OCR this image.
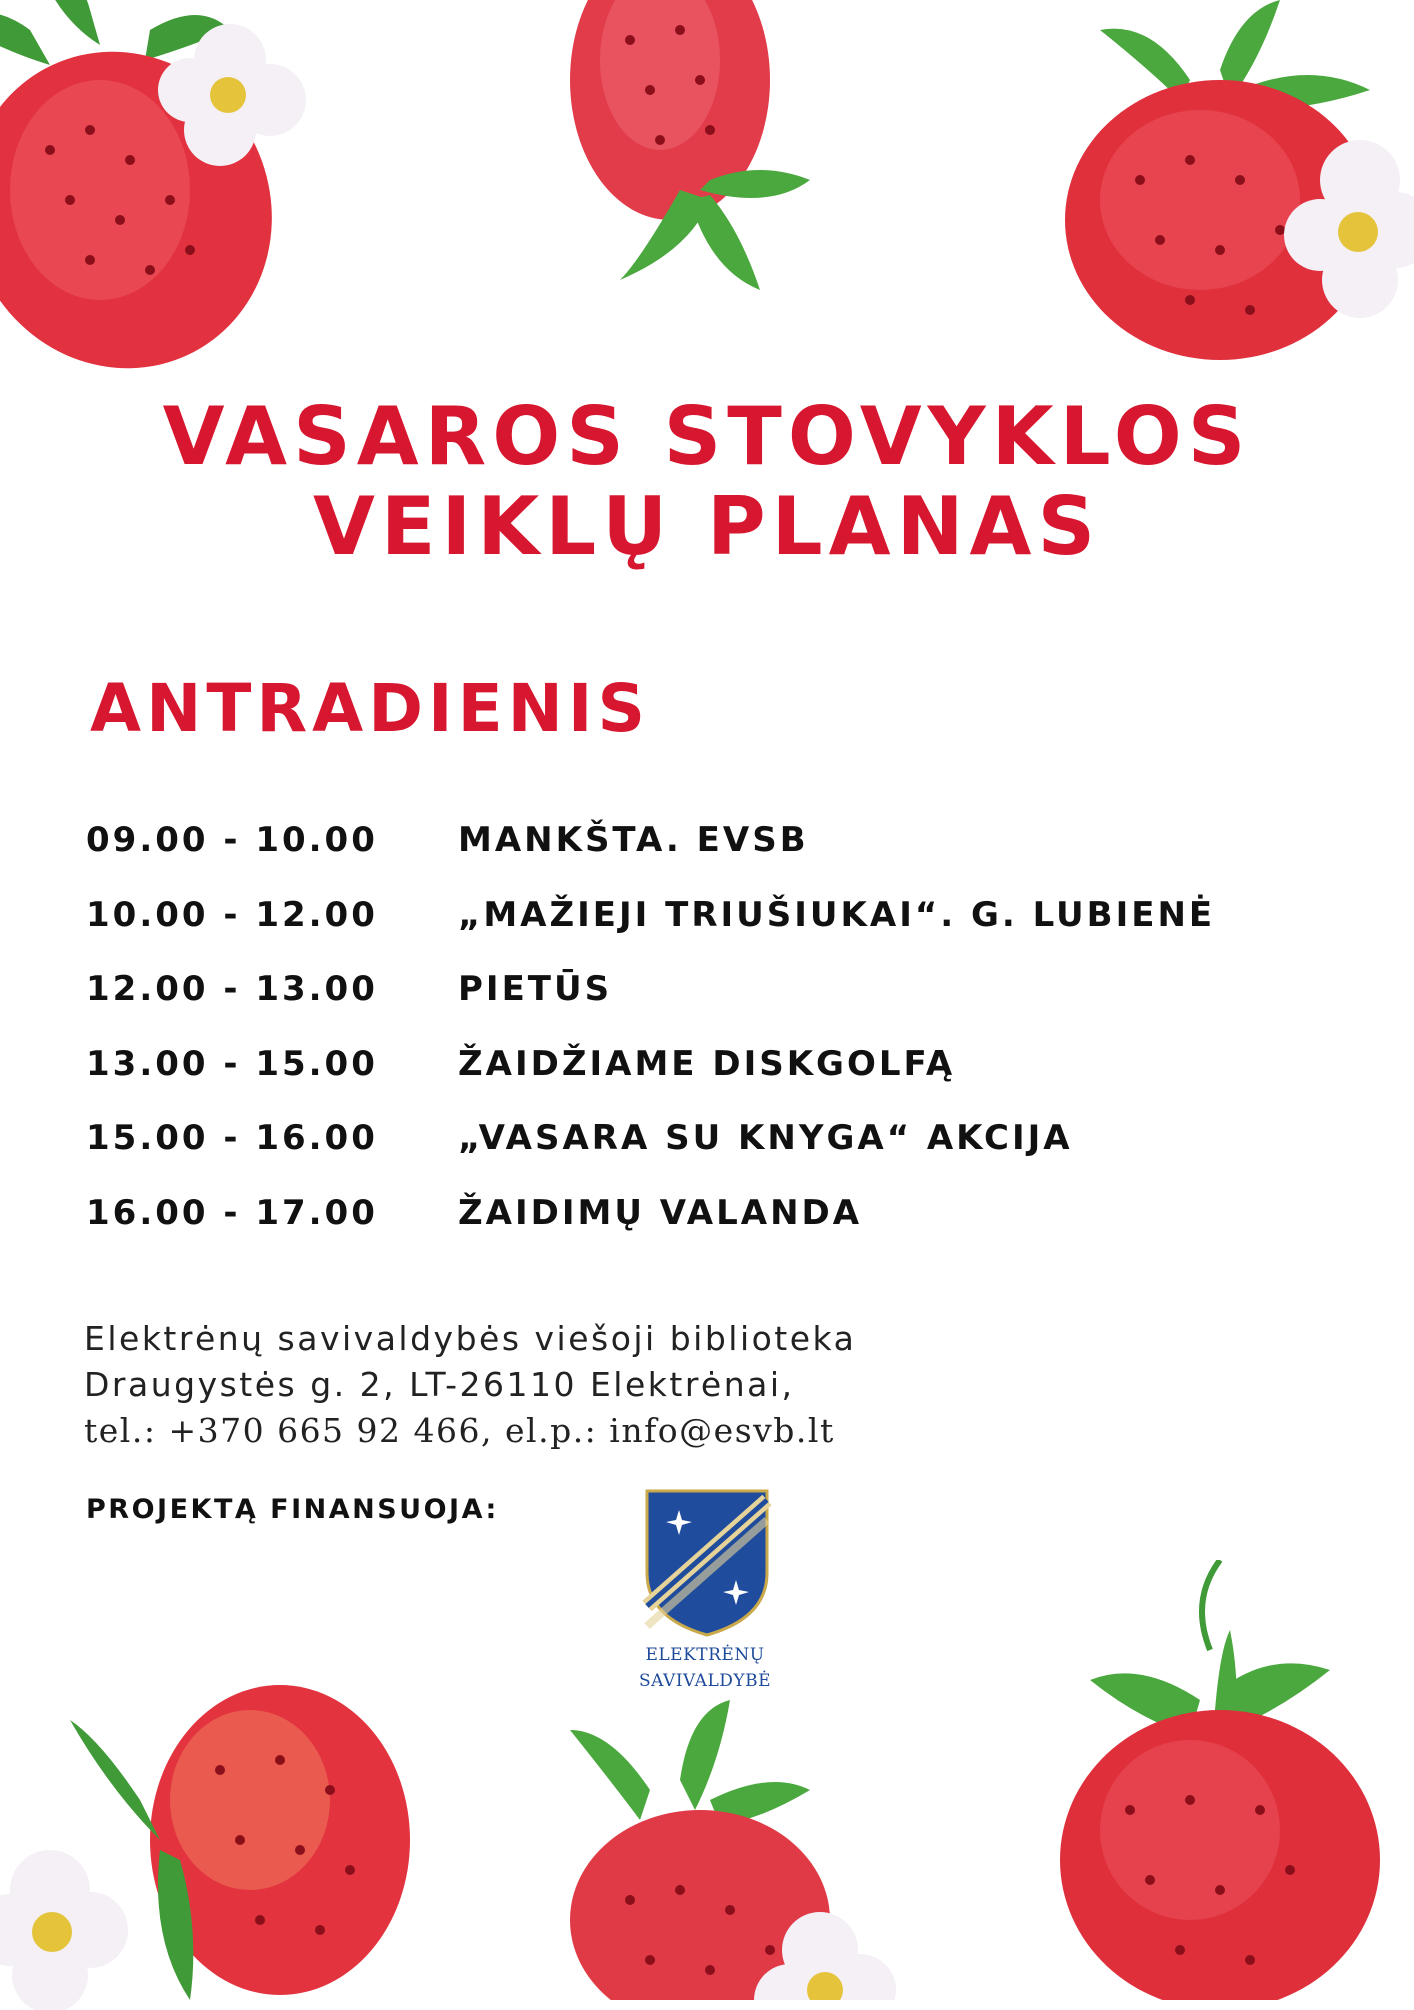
VASAROS STOVYKLOS
VEIKLŲ PLANAS
ANTRADIENIS
09.00 - 10.00 MANKŠTA. EVSB
10.00 - 12.00 „MAŽIEJI TRIUŠIUKAI“. G. LUBIENĖ
12.00 - 13.00 PIETŪS
13.00 - 15.00 ŽAIDŽIAME DISKGOLFĄ
15.00 - 16.00 „VASARA SU KNYGA“ AKCIJA
16.00 - 17.00 ŽAIDIMŲ VALANDA
Elektrėnų savivaldybės viešoji biblioteka
Draugystės g. 2, LT-26110 Elektrėnai,
tel.: +370 665 92 466, el.p.: info@esvb.lt
PROJEKTĄ FINANSUOJA:
ELEKTRĖNŲ
SAVIVALDYBĖ
